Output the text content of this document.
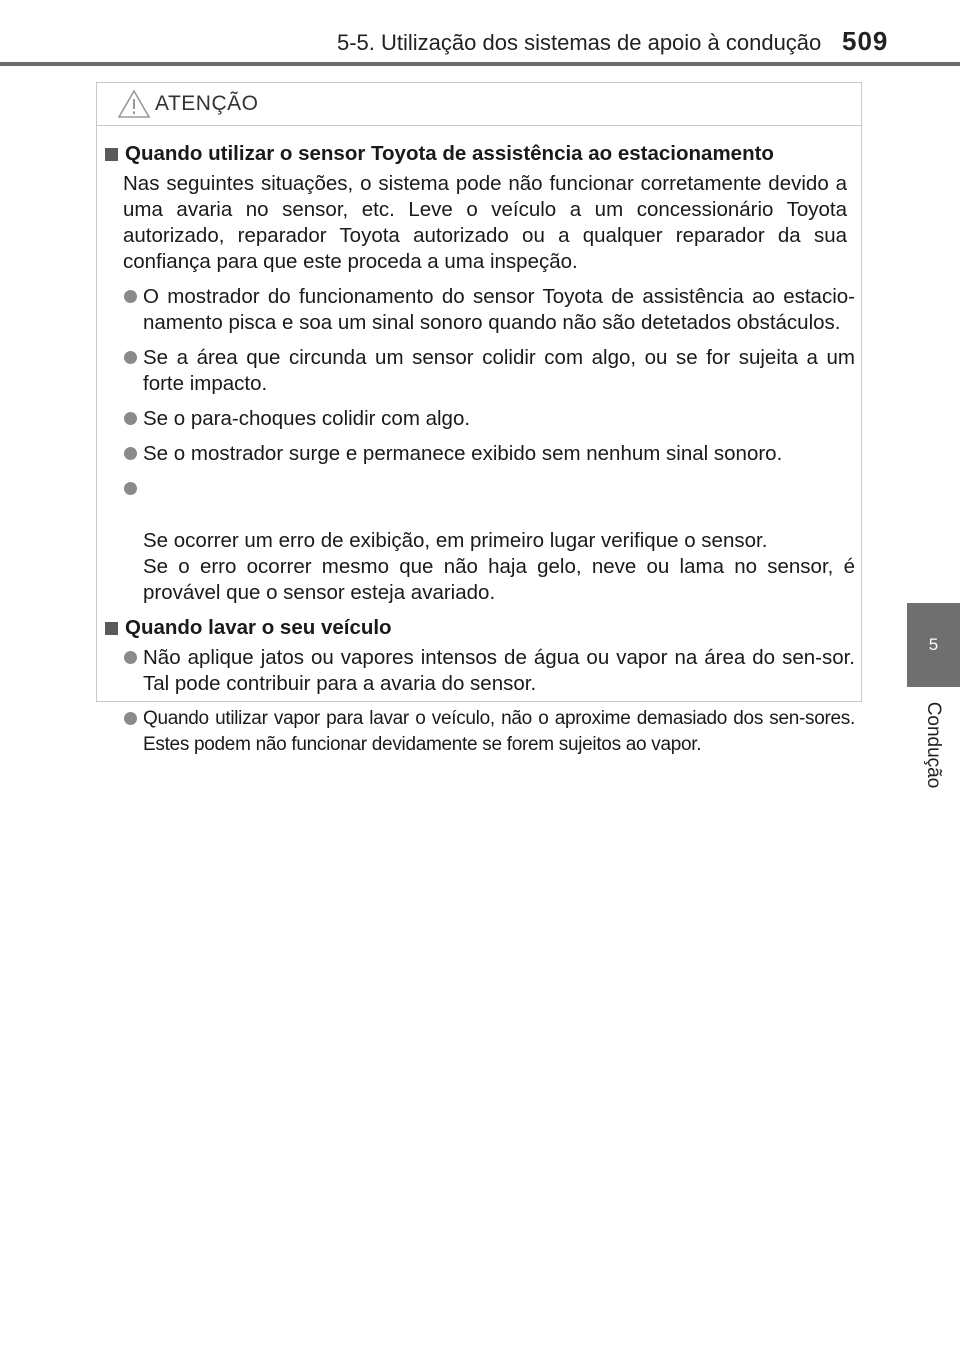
5-5. Utilização dos sistemas de apoio à condução 509
5
Condução
ATENÇÃO
Quando utilizar o sensor Toyota de assistência ao estacionamento
Nas seguintes situações, o sistema pode não funcionar corretamente devido a uma avaria no sensor, etc. Leve o veículo a um concessionário Toyota autorizado, reparador Toyota autorizado ou a qualquer reparador da sua confiança para que este proceda a uma inspeção.
O mostrador do funcionamento do sensor Toyota de assistência ao estacio-namento pisca e soa um sinal sonoro quando não são detetados obstáculos.
Se a área que circunda um sensor colidir com algo, ou se for sujeita a um forte impacto.
Se o para-choques colidir com algo.
Se o mostrador surge e permanece exibido sem nenhum sinal sonoro.

Se ocorrer um erro de exibição, em primeiro lugar verifique o sensor.
Se o erro ocorrer mesmo que não haja gelo, neve ou lama no sensor, é provável que o sensor esteja avariado.

Quando lavar o seu veículo
Não aplique jatos ou vapores intensos de água ou vapor na área do sen-sor. Tal pode contribuir para a avaria do sensor.
Quando utilizar vapor para lavar o veículo, não o aproxime demasiado dos sen-sores. Estes podem não funcionar devidamente se forem sujeitos ao vapor.
